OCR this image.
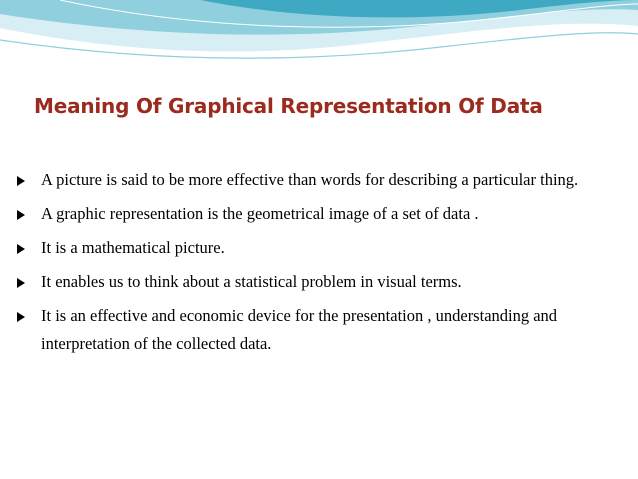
Meaning Of Graphical Representation Of Data
A picture is said to be more effective than words for describing a particular thing.
A graphic representation is the geometrical image of a set of data .
It is a mathematical picture.
It enables us to think about a statistical problem in visual terms.
It is an effective and economic device for the presentation , understanding and interpretation of the collected data.
